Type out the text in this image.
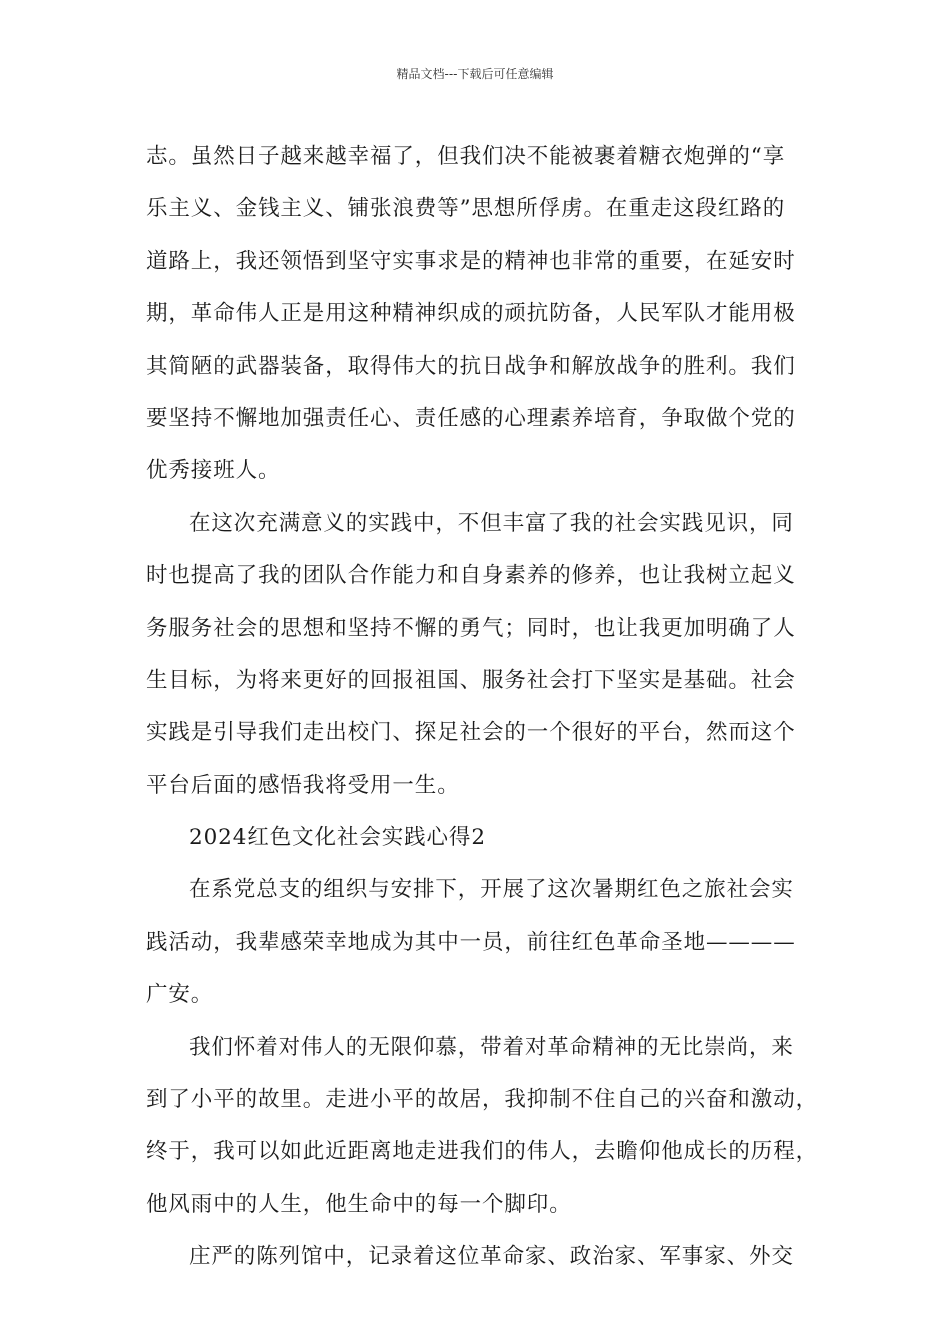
精品文档---下载后可任意编辑
志。虽然日子越来越幸福了，但我们决不能被裹着糖衣炮弹的“享
乐主义、金钱主义、铺张浪费等”思想所俘虏。在重走这段红路的
道路上，我还领悟到坚守实事求是的精神也非常的重要，在延安时
期，革命伟人正是用这种精神织成的顽抗防备，人民军队才能用极
其简陋的武器装备，取得伟大的抗日战争和解放战争的胜利。我们
要坚持不懈地加强责任心、责任感的心理素养培育，争取做个党的
优秀接班人。
在这次充满意义的实践中，不但丰富了我的社会实践见识，同
时也提高了我的团队合作能力和自身素养的修养，也让我树立起义
务服务社会的思想和坚持不懈的勇气；同时，也让我更加明确了人
生目标，为将来更好的回报祖国、服务社会打下坚实是基础。社会
实践是引导我们走出校门、探足社会的一个很好的平台，然而这个
平台后面的感悟我将受用一生。
2024红色文化社会实践心得2
在系党总支的组织与安排下，开展了这次暑期红色之旅社会实
践活动，我辈感荣幸地成为其中一员，前往红色革命圣地————
广安。
我们怀着对伟人的无限仰慕，带着对革命精神的无比崇尚，来
到了小平的故里。走进小平的故居，我抑制不住自己的兴奋和激动，
终于，我可以如此近距离地走进我们的伟人，去瞻仰他成长的历程，
他风雨中的人生，他生命中的每一个脚印。
庄严的陈列馆中，记录着这位革命家、政治家、军事家、外交
